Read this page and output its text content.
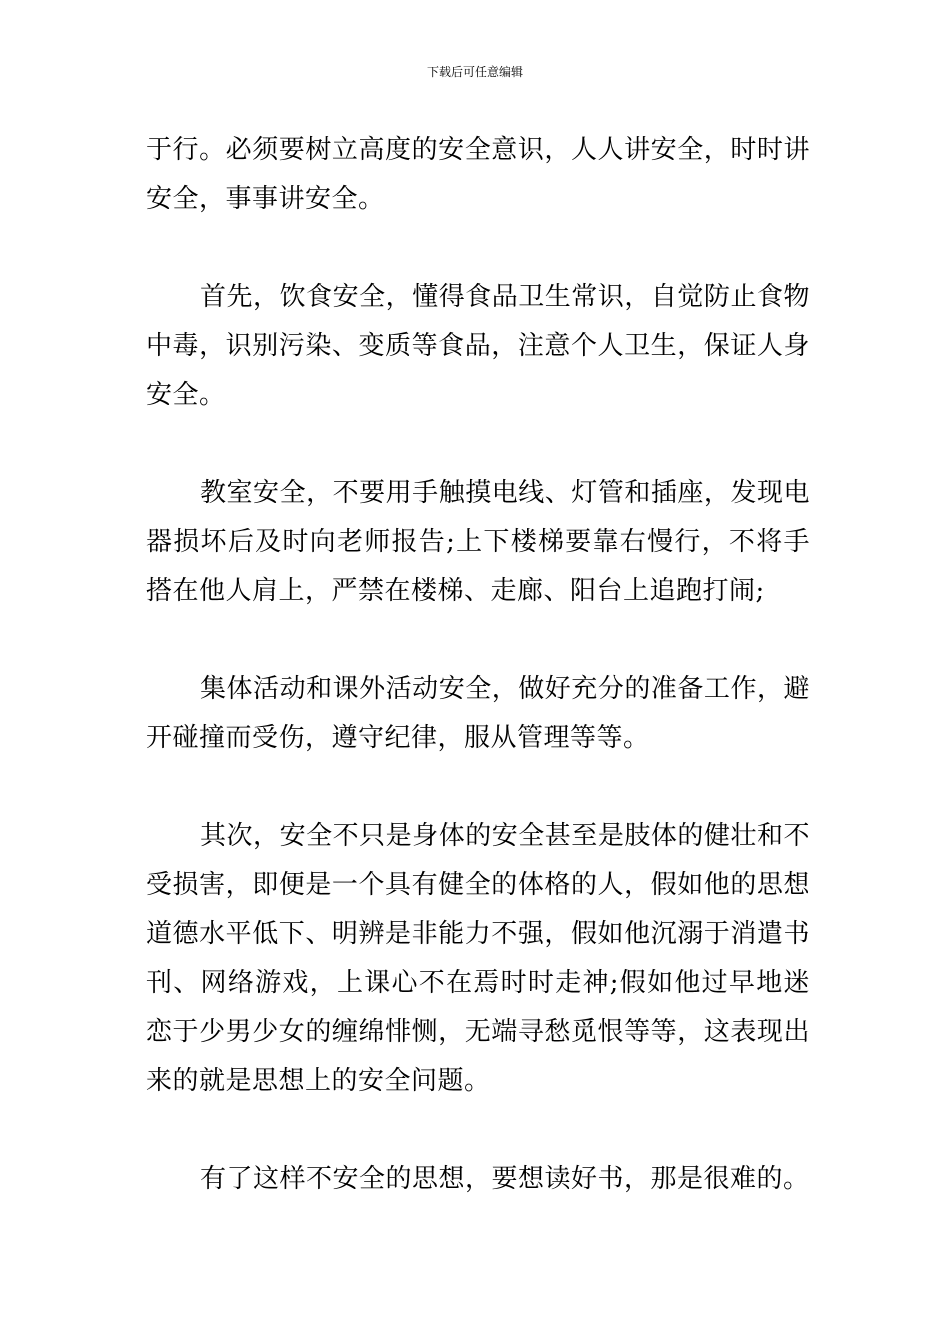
下载后可任意编辑

于行。必须要树立高度的安全意识，人人讲安全，时时讲安全，事事讲安全。

首先，饮食安全，懂得食品卫生常识，自觉防止食物中毒，识别污染、变质等食品，注意个人卫生，保证人身安全。

教室安全，不要用手触摸电线、灯管和插座，发现电器损坏后及时向老师报告;上下楼梯要靠右慢行，不将手搭在他人肩上，严禁在楼梯、走廊、阳台上追跑打闹;

集体活动和课外活动安全，做好充分的准备工作，避开碰撞而受伤，遵守纪律，服从管理等等。

其次，安全不只是身体的安全甚至是肢体的健壮和不受损害，即便是一个具有健全的体格的人，假如他的思想道德水平低下、明辨是非能力不强，假如他沉溺于消遣书刊、网络游戏，上课心不在焉时时走神;假如他过早地迷恋于少男少女的缠绵悱恻，无端寻愁觅恨等等，这表现出来的就是思想上的安全问题。

有了这样不安全的思想，要想读好书，那是很难的。
